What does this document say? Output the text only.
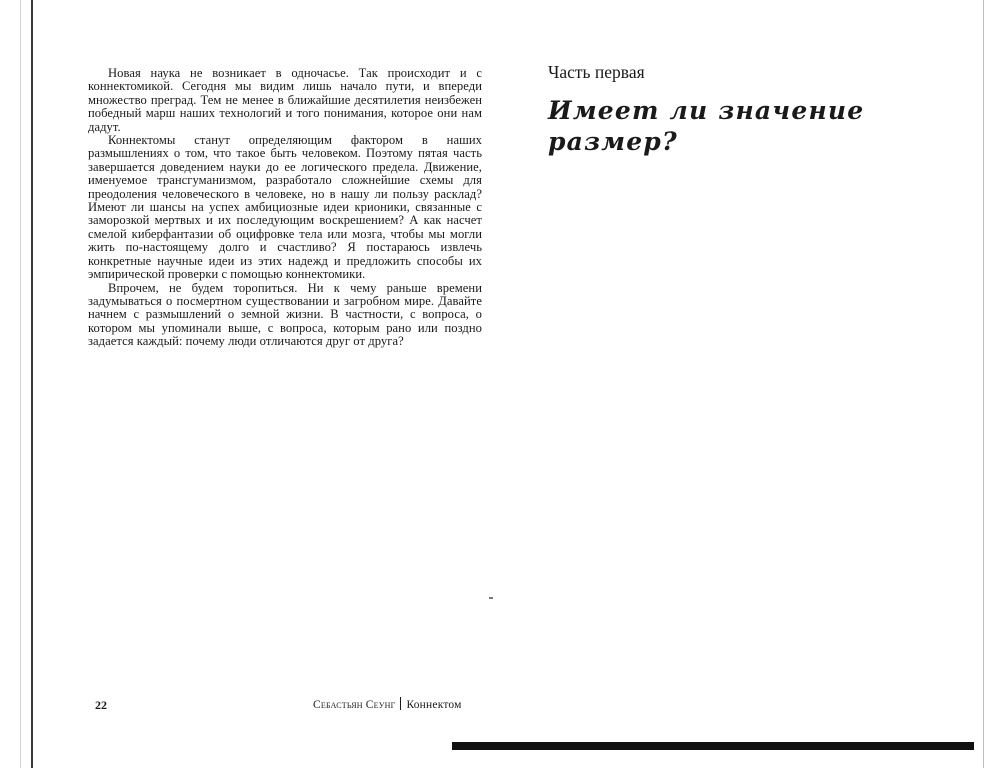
Новая наука не возникает в одночасье. Так происходит и с коннектомикой. Сегодня мы видим лишь начало пути, и впереди множество преград. Тем не менее в ближайшие десятилетия неизбежен победный марш наших технологий и того понимания, которое они нам дадут.

Коннектомы станут определяющим фактором в наших размышлениях о том, что такое быть человеком. Поэтому пятая часть завершается доведением науки до ее логического предела. Движение, именуемое трансгуманизмом, разработало сложнейшие схемы для преодоления человеческого в человеке, но в нашу ли пользу расклад? Имеют ли шансы на успех амбициозные идеи крионики, связанные с заморозкой мертвых и их последующим воскрешением? А как насчет смелой киберфантазии об оцифровке тела или мозга, чтобы мы могли жить по-настоящему долго и счастливо? Я постараюсь извлечь конкретные научные идеи из этих надежд и предложить способы их эмпирической проверки с помощью коннектомики.

Впрочем, не будем торопиться. Ни к чему раньше времени задумываться о посмертном существовании и загробном мире. Давайте начнем с размышлений о земной жизни. В частности, с вопроса, о котором мы упоминали выше, с вопроса, которым рано или поздно задается каждый: почему люди отличаются друг от друга?

22	Себастьян Сеунг Коннектом
Часть первая
Имеет ли значение
размер?
